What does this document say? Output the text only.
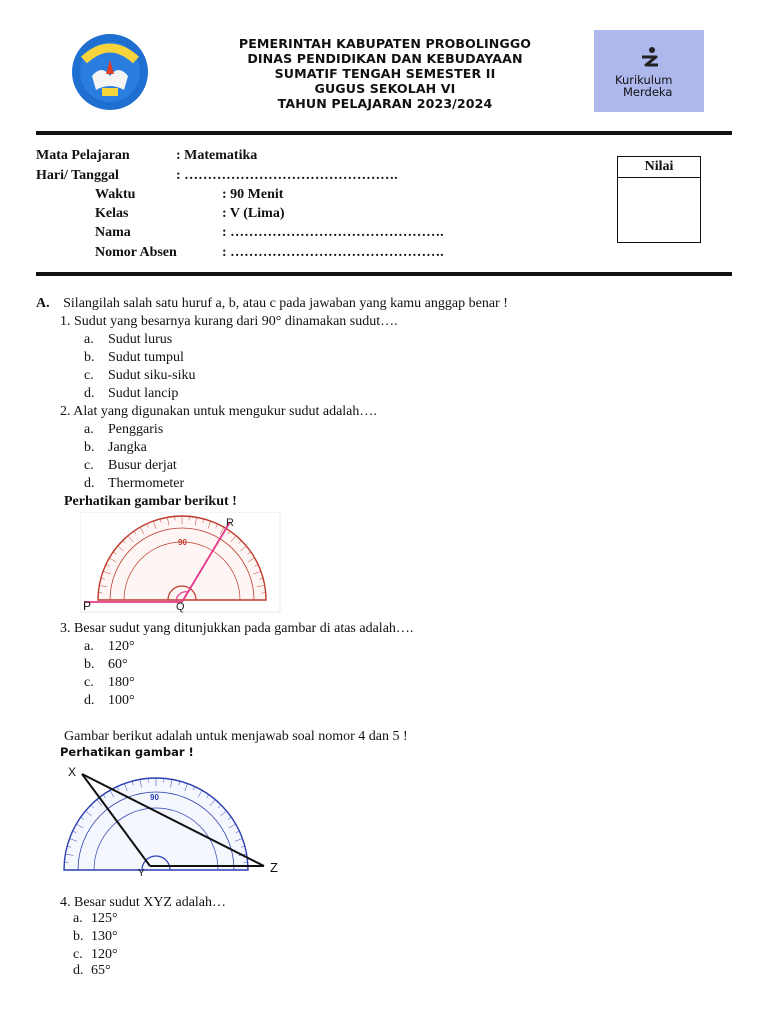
PEMERINTAH KABUPATEN PROBOLINGGO
DINAS PENDIDIKAN DAN KEBUDAYAAN
SUMATIF TENGAH SEMESTER II
GUGUS SEKOLAH VI
TAHUN PELAJARAN 2023/2024
Kurikulum
Merdeka
Mata Pelajaran	: Matematika
Hari/ Tanggal	: ……………………………………….
Waktu	: 90 Menit
Kelas	: V (Lima)
Nama	: ……………………………………….
Nomor Absen	: ……………………………………….
Nilai
A. Silangilah salah satu huruf a, b, atau c pada jawaban yang kamu anggap benar !
1. Sudut yang besarnya kurang dari 90° dinamakan sudut….
a. Sudut lurus
b. Sudut tumpul
c. Sudut siku-siku
d. Sudut lancip
2. Alat yang digunakan untuk mengukur sudut adalah….
a. Penggaris
b. Jangka
c. Busur derjat
d. Thermometer
Perhatikan gambar berikut !
90
R
Q
P
3. Besar sudut yang ditunjukkan pada gambar di atas adalah….
a. 120°
b. 60°
c. 180°
d. 100°
Gambar berikut adalah untuk menjawab soal nomor 4 dan 5 !
Perhatikan gambar !
90
X
Y	Z
4. Besar sudut XYZ adalah…
a. 125°
b. 130°
c. 120°
d. 65°
